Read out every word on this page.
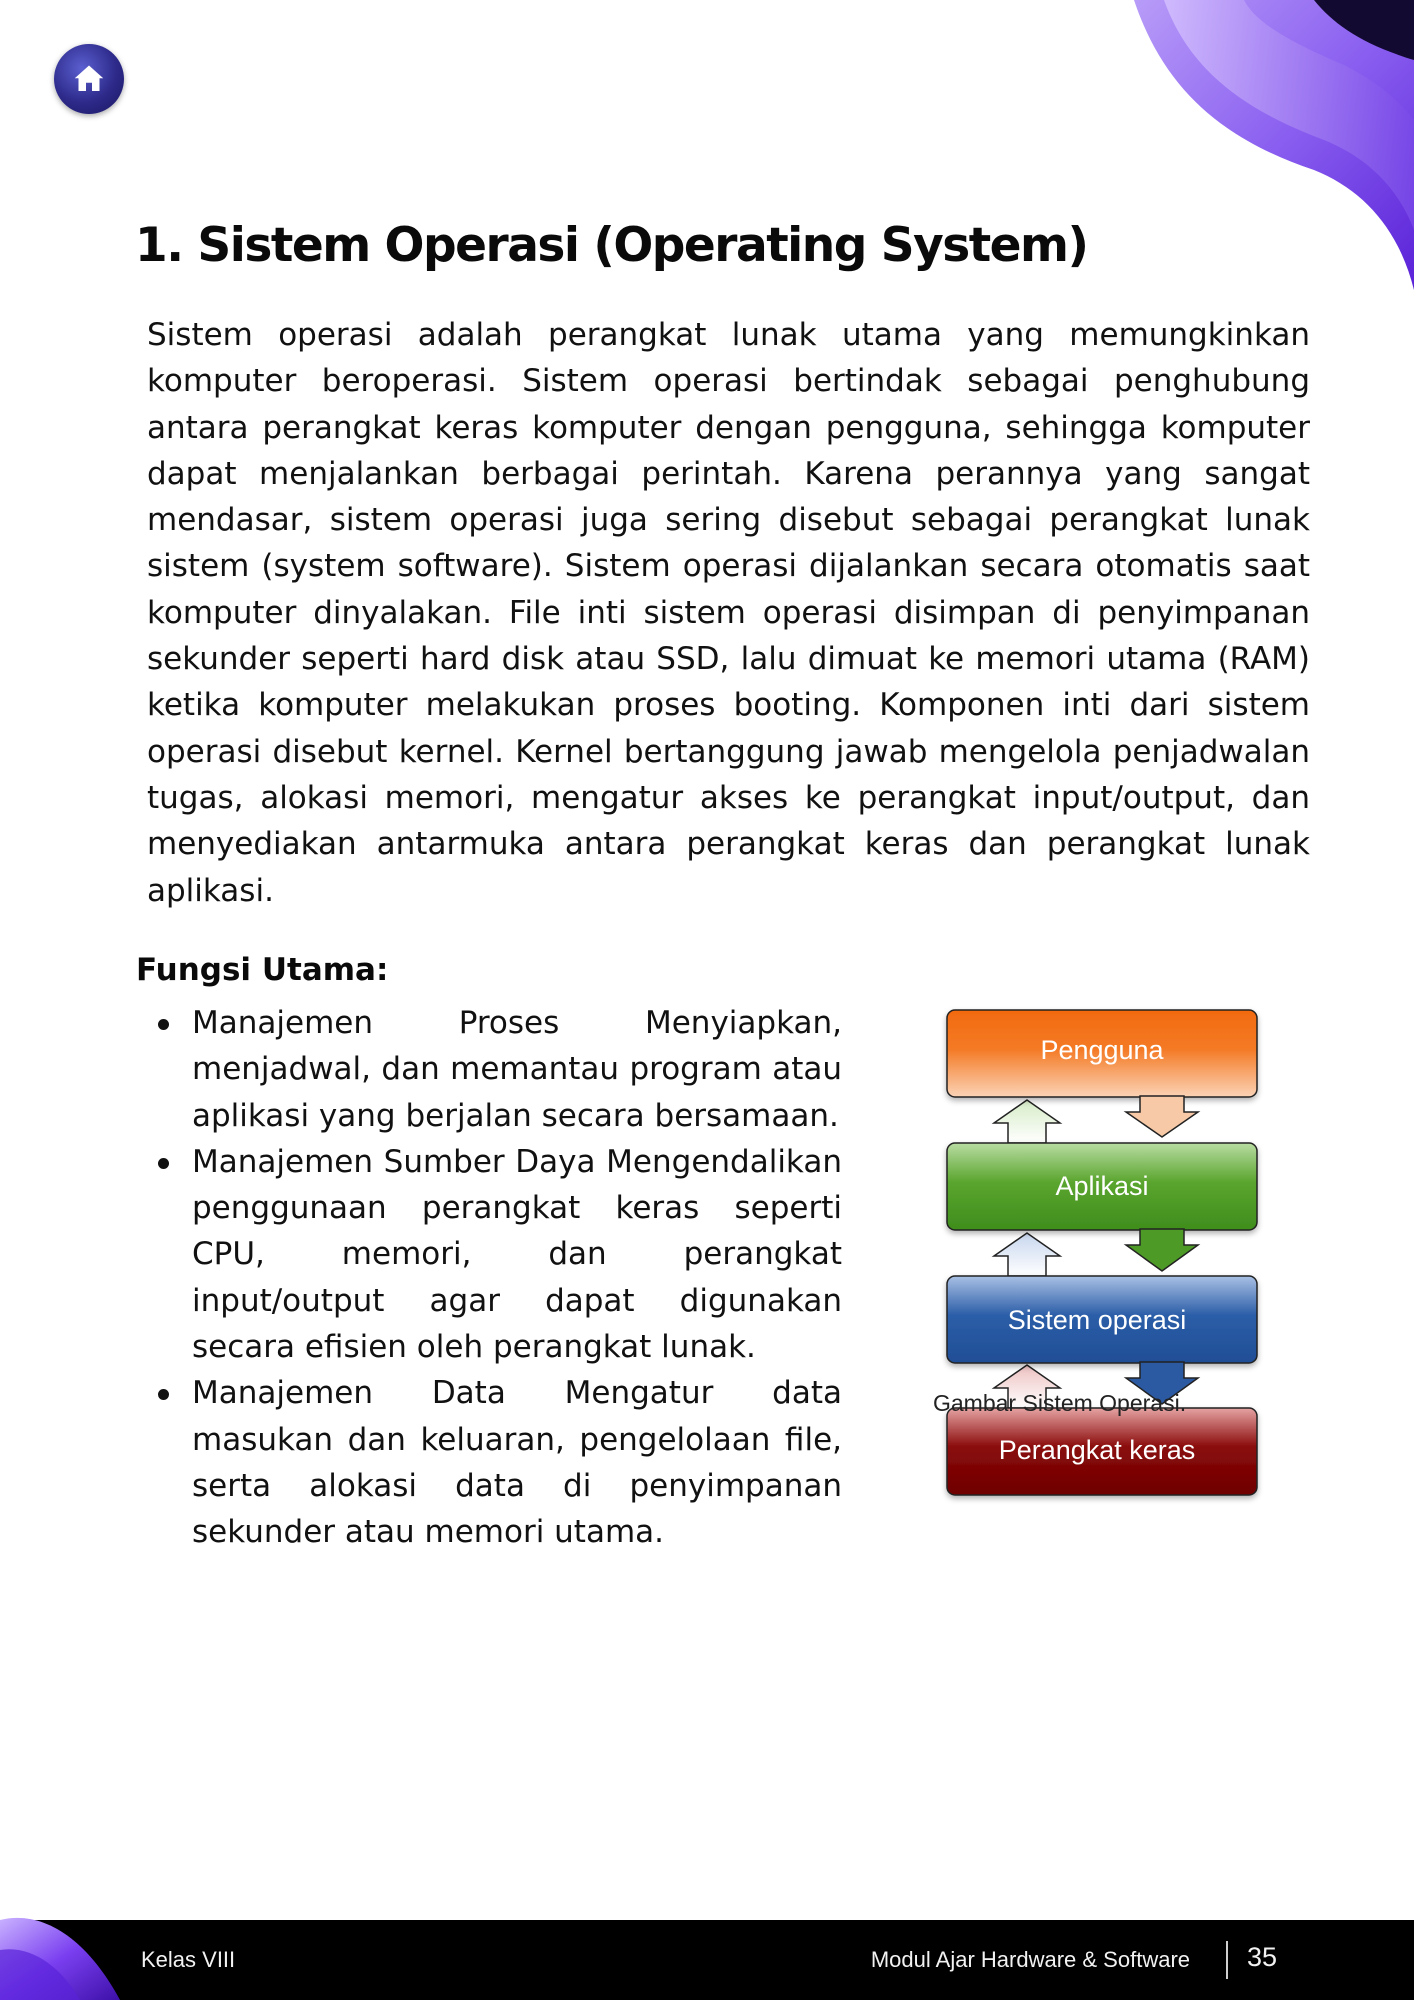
1. Sistem Operasi (Operating System)

Sistem operasi adalah perangkat lunak utama yang memungkinkan komputer beroperasi. Sistem operasi bertindak sebagai penghubung antara perangkat keras komputer dengan pengguna, sehingga komputer dapat menjalankan berbagai perintah. Karena perannya yang sangat mendasar, sistem operasi juga sering disebut sebagai perangkat lunak sistem (system software). Sistem operasi dijalankan secara otomatis saat komputer dinyalakan. File inti sistem operasi disimpan di penyimpanan sekunder seperti hard disk atau SSD, lalu dimuat ke memori utama (RAM) ketika komputer melakukan proses booting. Komponen inti dari sistem operasi disebut kernel. Kernel bertanggung jawab mengelola penjadwalan tugas, alokasi memori, mengatur akses ke perangkat input/output, dan menyediakan antarmuka antara perangkat keras dan perangkat lunak aplikasi.

Fungsi Utama:
Manajemen Proses Menyiapkan, menjadwal, dan memantau program atau aplikasi yang berjalan secara bersamaan.
Manajemen Sumber Daya Mengendalikan penggunaan perangkat keras seperti CPU, memori, dan perangkat input/output agar dapat digunakan secara efisien oleh perangkat lunak.
Manajemen Data Mengatur data masukan dan keluaran, pengelolaan file, serta alokasi data di penyimpanan sekunder atau memori utama.
Pengguna
Aplikasi
Sistem operasi
Perangkat keras
Gambar Sistem Operasi.
Kelas VIII	Modul Ajar Hardware & Software 35
